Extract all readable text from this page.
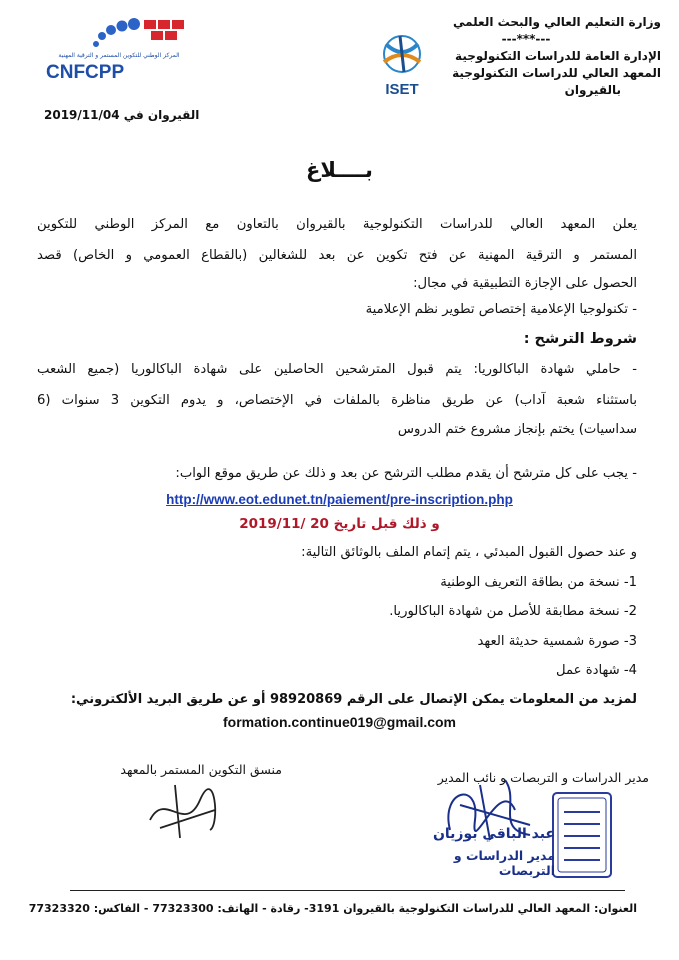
وزارة التعليم العالي والبحث العلمي
---***---
الإدارة العامة للدراسات التكنولوجية
المعهد العالي للدراسات التكنولوجية
بالقيروان
المركز الوطني للتكوين المستمر و الترقية المهنية
CNFCPP
ISET
القيروان في 2019/11/04
بــــلاغ
يعلن المعهد العالي للدراسات التكنولوجية بالقيروان بالتعاون مع المركز الوطني للتكوين
المستمر و الترقية المهنية عن فتح تكوين عن بعد للشغالين (بالقطاع العمومي و الخاص) قصد
الحصول على الإجازة التطبيقية في مجال:
- تكنولوجيا الإعلامية إختصاص تطوير نظم الإعلامية
شروط الترشح :
- حاملي شهادة الباكالوريا: يتم قبول المترشحين الحاصلين على شهادة الباكالوريا (جميع الشعب
باستثناء شعبة آداب) عن طريق مناظرة بالملفات في الإختصاص، و يدوم التكوين 3 سنوات (6
سداسيات) يختم بإنجاز مشروع ختم الدروس
- يجب على كل مترشح أن يقدم مطلب الترشح عن بعد و ذلك عن طريق موقع الواب:
http://www.eot.edunet.tn/paiement/pre-inscription.php
و ذلك قبل تاريخ 20 /2019/11
و عند حصول القبول المبدئي ، يتم إتمام الملف بالوثائق التالية:
1- نسخة من بطاقة التعريف الوطنية
2- نسخة مطابقة للأصل من شهادة الباكالوريا.
3- صورة شمسية حديثة العهد
4- شهادة عمل
لمزيد من المعلومات يمكن الإتصال على الرقم 98920869 أو عن طريق البريد الألكتروني:
formation.continue019@gmail.com
منسق التكوين المستمر بالمعهد
مدير الدراسات و التربصات و نائب المدير
عبد الباقي بوزيان
مدير الدراسات و التربصات
العنوان: المعهد العالي للدراسات التكنولوجية بالقيروان 3191- رقادة - الهاتف: 77323300 - الفاكس: 77323320
